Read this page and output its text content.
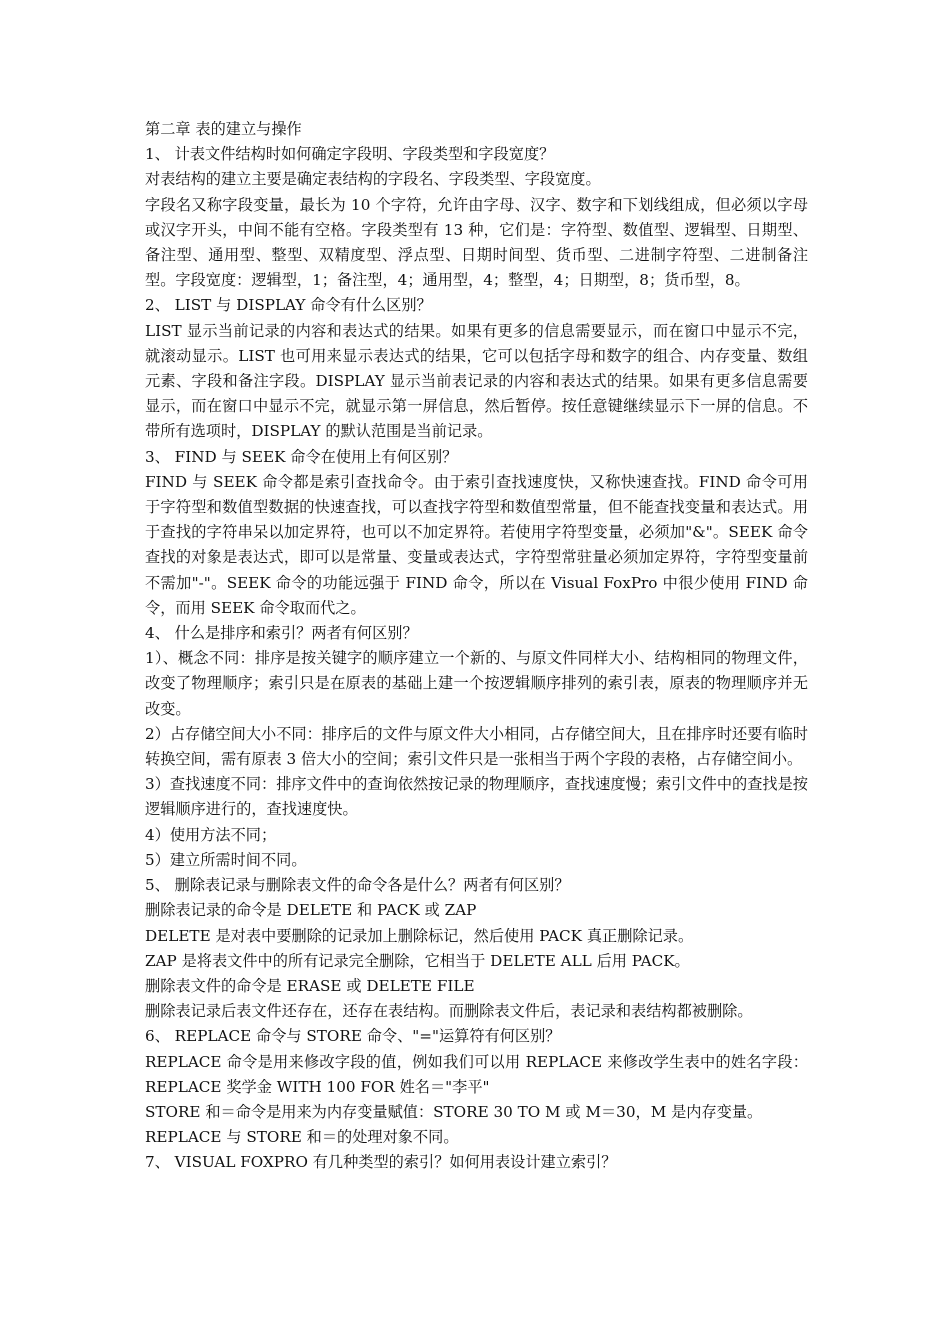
第二章 表的建立与操作

1、 计表文件结构时如何确定字段明、字段类型和字段宽度？

对表结构的建立主要是确定表结构的字段名、字段类型、字段宽度。

字段名又称字段变量，最长为 10 个字符，允许由字母、汉字、数字和下划线组成，但必须以字母或汉字开头，中间不能有空格。字段类型有 13 种，它们是：字符型、数值型、逻辑型、日期型、备注型、通用型、整型、双精度型、浮点型、日期时间型、货币型、二进制字符型、二进制备注型。字段宽度：逻辑型，1；备注型，4；通用型，4；整型，4；日期型，8；货币型，8。

2、 LIST 与 DISPLAY 命令有什么区别？

LIST 显示当前记录的内容和表达式的结果。如果有更多的信息需要显示，而在窗口中显示不完，就滚动显示。LIST 也可用来显示表达式的结果，它可以包括字母和数字的组合、内存变量、数组元素、字段和备注字段。DISPLAY 显示当前表记录的内容和表达式的结果。如果有更多信息需要显示，而在窗口中显示不完，就显示第一屏信息，然后暂停。按任意键继续显示下一屏的信息。不带所有选项时，DISPLAY 的默认范围是当前记录。

3、 FIND 与 SEEK 命令在使用上有何区别？

FIND 与 SEEK 命令都是索引查找命令。由于索引查找速度快，又称快速查找。FIND 命令可用于字符型和数值型数据的快速查找，可以查找字符型和数值型常量，但不能查找变量和表达式。用于查找的字符串呆以加定界符，也可以不加定界符。若使用字符型变量，必须加"&"。SEEK 命令查找的对象是表达式，即可以是常量、变量或表达式，字符型常驻量必须加定界符，字符型变量前不需加"-"。SEEK 命令的功能远强于 FIND 命令，所以在 Visual FoxPro 中很少使用 FIND 命令，而用 SEEK 命令取而代之。

4、 什么是排序和索引？两者有何区别？

1）、概念不同：排序是按关键字的顺序建立一个新的、与原文件同样大小、结构相同的物理文件，改变了物理顺序；索引只是在原表的基础上建一个按逻辑顺序排列的索引表，原表的物理顺序并无改变。

2）占存储空间大小不同：排序后的文件与原文件大小相同，占存储空间大，且在排序时还要有临时转换空间，需有原表 3 倍大小的空间；索引文件只是一张相当于两个字段的表格，占存储空间小。

3）查找速度不同：排序文件中的查询依然按记录的物理顺序，查找速度慢；索引文件中的查找是按逻辑顺序进行的，查找速度快。

4）使用方法不同；

5）建立所需时间不同。

5、 删除表记录与删除表文件的命令各是什么？两者有何区别？

删除表记录的命令是 DELETE 和 PACK 或 ZAP

DELETE 是对表中要删除的记录加上删除标记，然后使用 PACK 真正删除记录。

ZAP 是将表文件中的所有记录完全删除，它相当于 DELETE ALL 后用 PACK。

删除表文件的命令是 ERASE 或 DELETE FILE

删除表记录后表文件还存在，还存在表结构。而删除表文件后，表记录和表结构都被删除。

6、 REPLACE 命令与 STORE 命令、"="运算符有何区别？

REPLACE 命令是用来修改字段的值，例如我们可以用 REPLACE 来修改学生表中的姓名字段：REPLACE 奖学金 WITH 100 FOR 姓名＝"李平"

STORE 和＝命令是用来为内存变量赋值：STORE 30 TO M 或 M＝30，M 是内存变量。

REPLACE 与 STORE 和＝的处理对象不同。

7、 VISUAL FOXPRO 有几种类型的索引？如何用表设计建立索引？
